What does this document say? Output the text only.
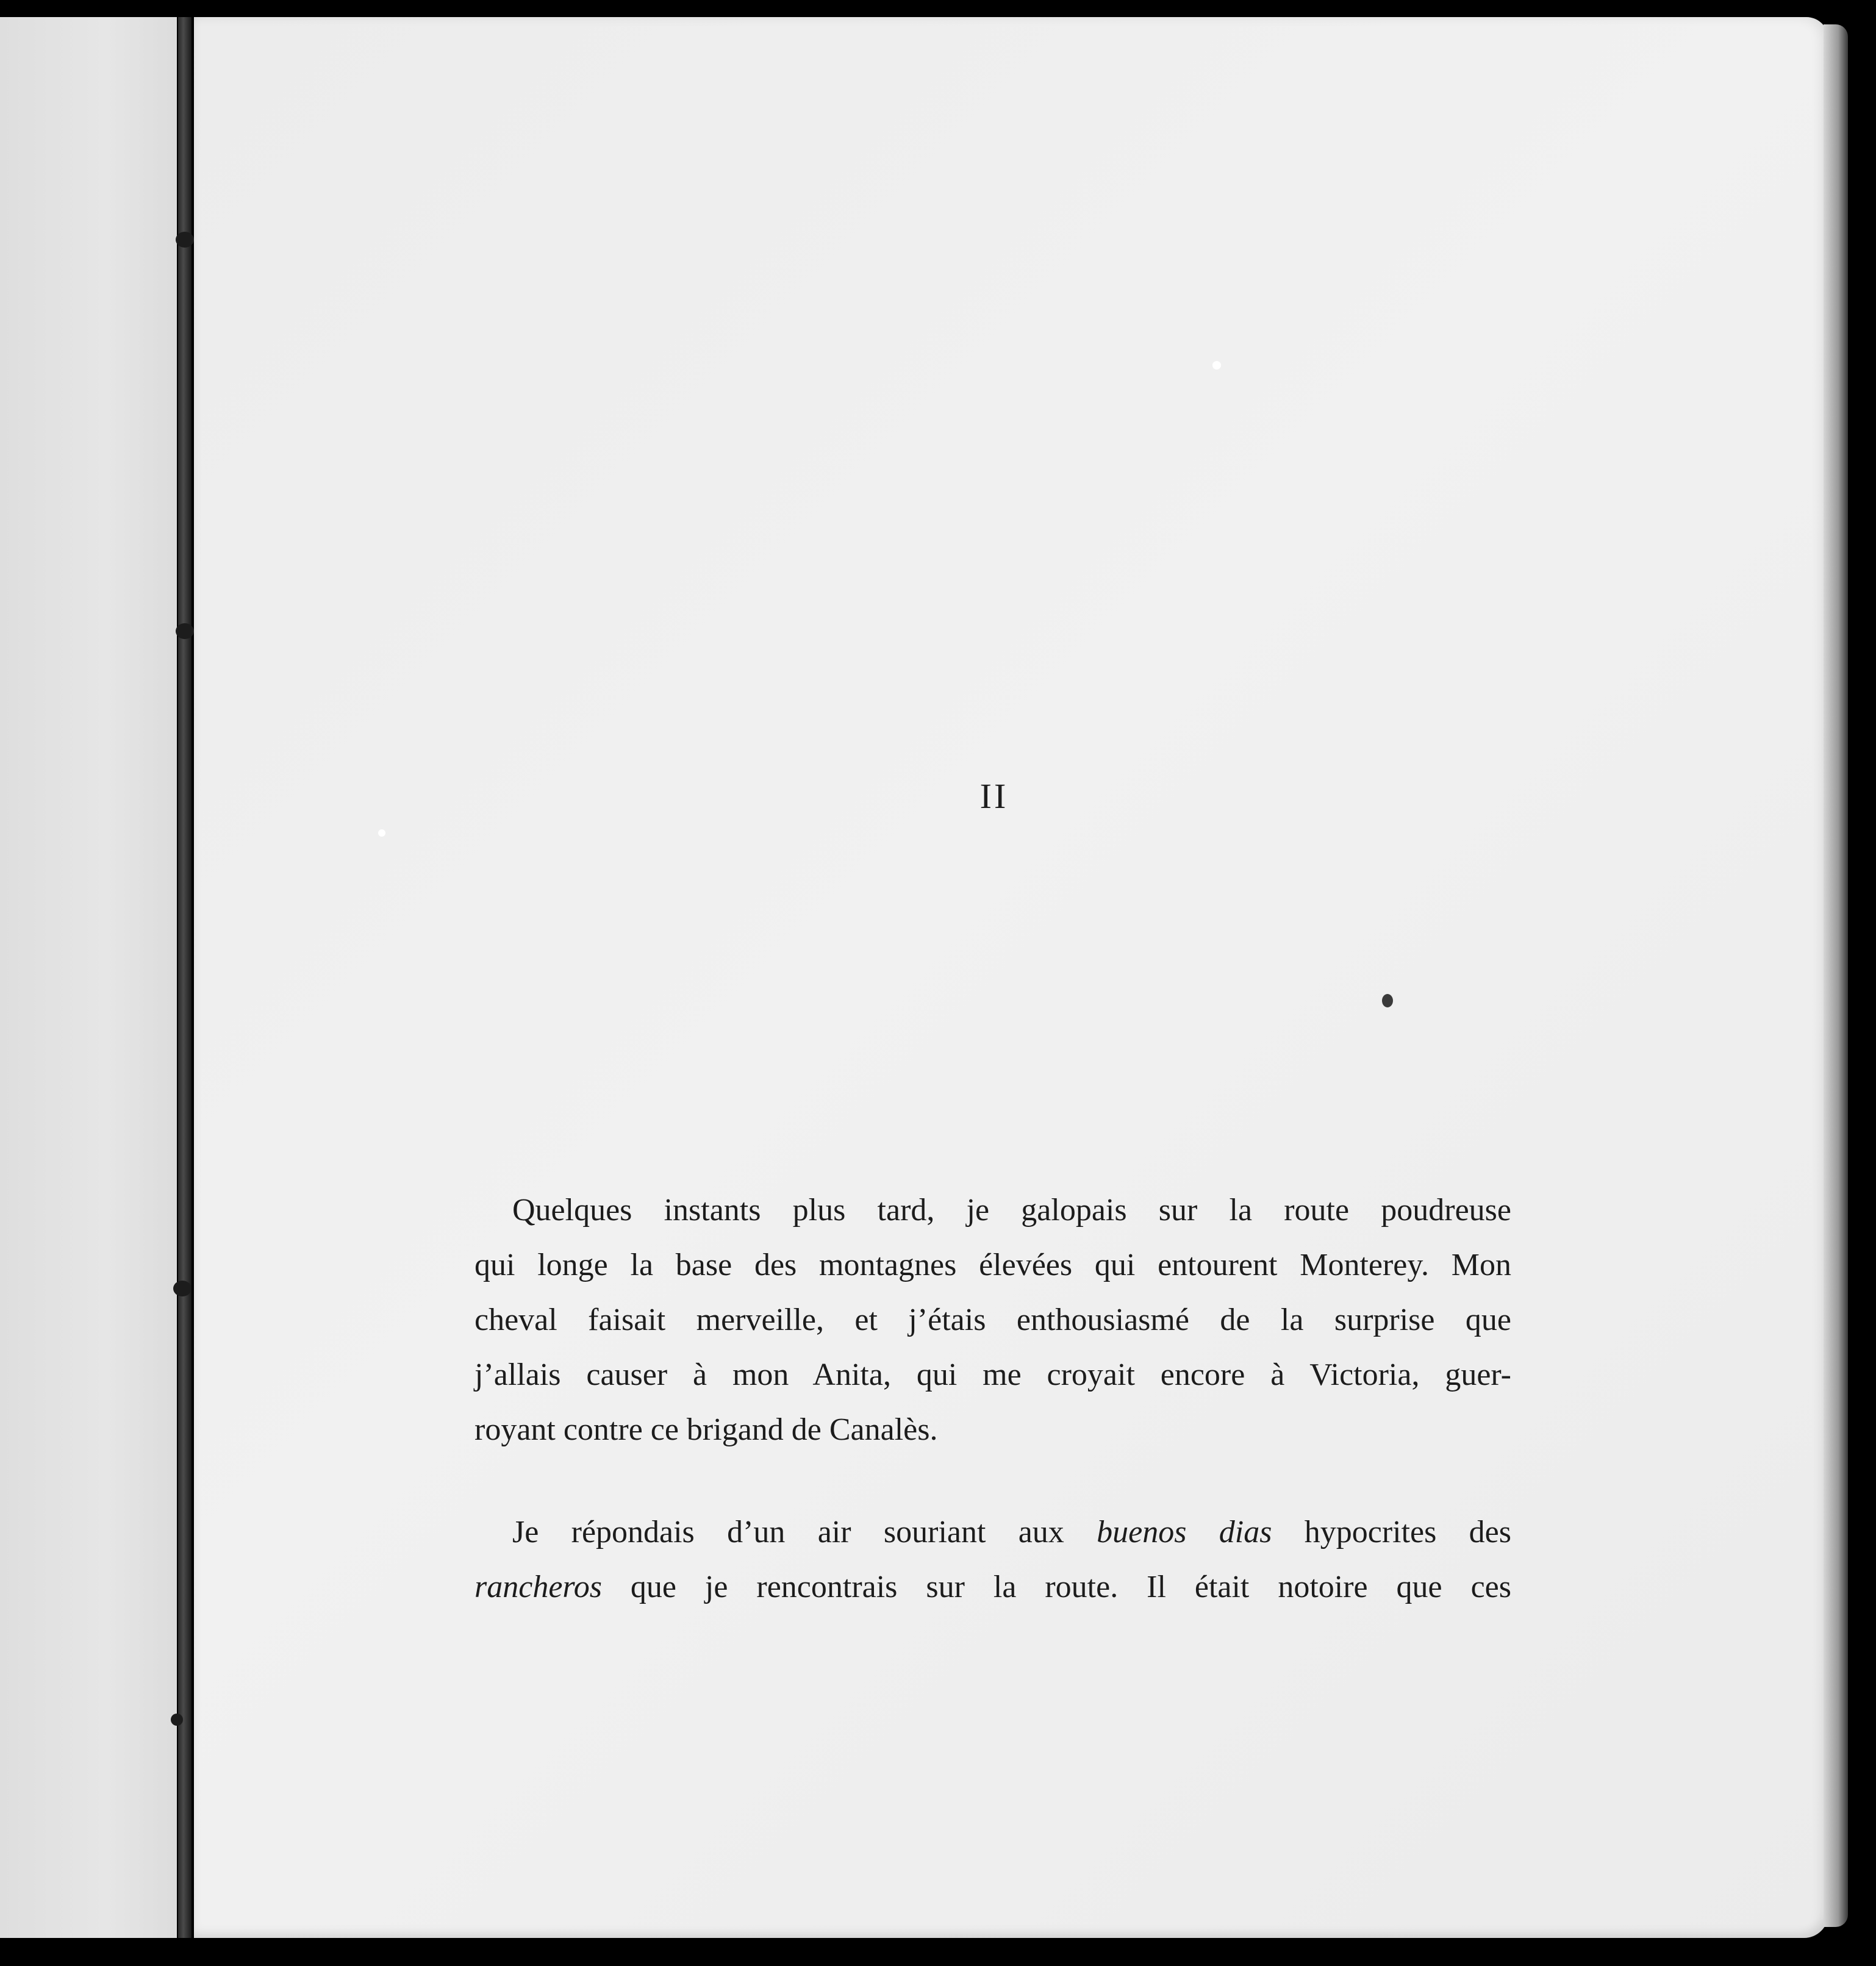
II
Quelques instants plus tard, je galopais sur la route poudreuse
qui longe la base des montagnes élevées qui entourent Monterey. Mon
cheval faisait merveille, et j’étais enthousiasmé de la surprise que
j’allais causer à mon Anita, qui me croyait encore à Victoria, guer-
royant contre ce brigand de Canalès.
Je répondais d’un air souriant aux buenos dias hypocrites des
rancheros que je rencontrais sur la route. Il était notoire que ces
